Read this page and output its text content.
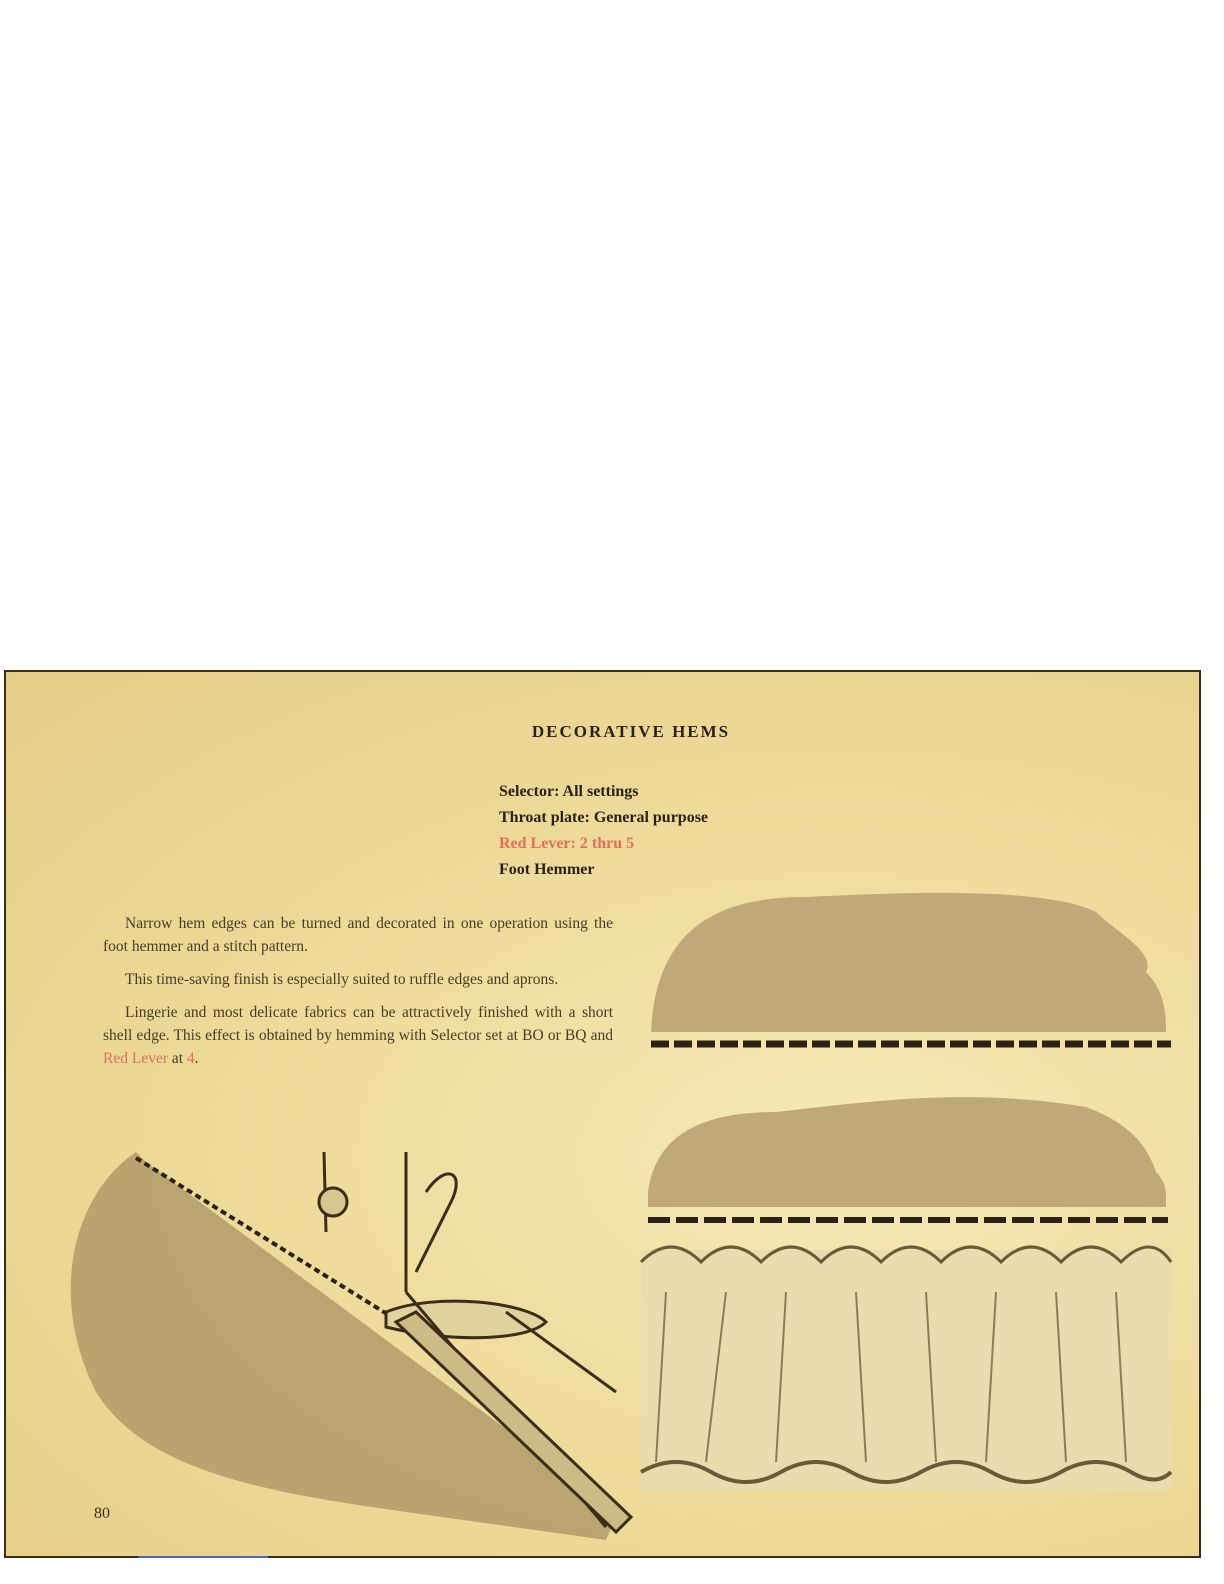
DECORATIVE HEMS
Selector: All settings
Throat plate: General purpose
Red Lever: 2 thru 5
Foot Hemmer

Narrow hem edges can be turned and decorated in one operation using the foot hemmer and a stitch pattern.

This time-saving finish is especially suited to ruffle edges and aprons.

Lingerie and most delicate fabrics can be attractively finished with a short shell edge. This effect is obtained by hemming with Selector set at BO or BQ and Red Lever at 4.

80
